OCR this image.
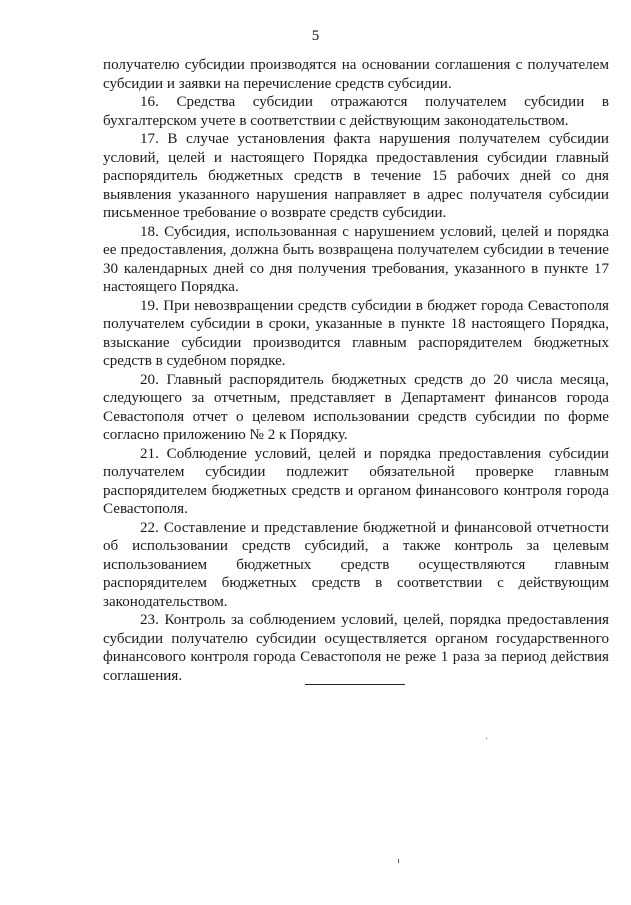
5

получателю субсидии производятся на основании соглашения с получателем субсидии и заявки на перечисление средств субсидии.

16. Средства субсидии отражаются получателем субсидии в бухгалтерском учете в соответствии с действующим законодательством.

17. В случае установления факта нарушения получателем субсидии условий, целей и настоящего Порядка предоставления субсидии главный распорядитель бюджетных средств в течение 15 рабочих дней со дня выявления указанного нарушения направляет в адрес получателя субсидии письменное требование о возврате средств субсидии.

18. Субсидия, использованная с нарушением условий, целей и порядка ее предоставления, должна быть возвращена получателем субсидии в течение 30 календарных дней со дня получения требования, указанного в пункте 17 настоящего Порядка.

19. При невозвращении средств субсидии в бюджет города Севастополя получателем субсидии в сроки, указанные в пункте 18 настоящего Порядка, взыскание субсидии производится главным распорядителем бюджетных средств в судебном порядке.

20. Главный распорядитель бюджетных средств до 20 числа месяца, следующего за отчетным, представляет в Департамент финансов города Севастополя отчет о целевом использовании средств субсидии по форме согласно приложению № 2 к Порядку.

21. Соблюдение условий, целей и порядка предоставления субсидии получателем субсидии подлежит обязательной проверке главным распорядителем бюджетных средств и органом финансового контроля города Севастополя.

22. Составление и представление бюджетной и финансовой отчетности об использовании средств субсидий, а также контроль за целевым использованием бюджетных средств осуществляются главным распорядителем бюджетных средств в соответствии с действующим законодательством.

23. Контроль за соблюдением условий, целей, порядка предоставления субсидии получателю субсидии осуществляется органом государственного финансового контроля города Севастополя не реже 1 раза за период действия соглашения.
